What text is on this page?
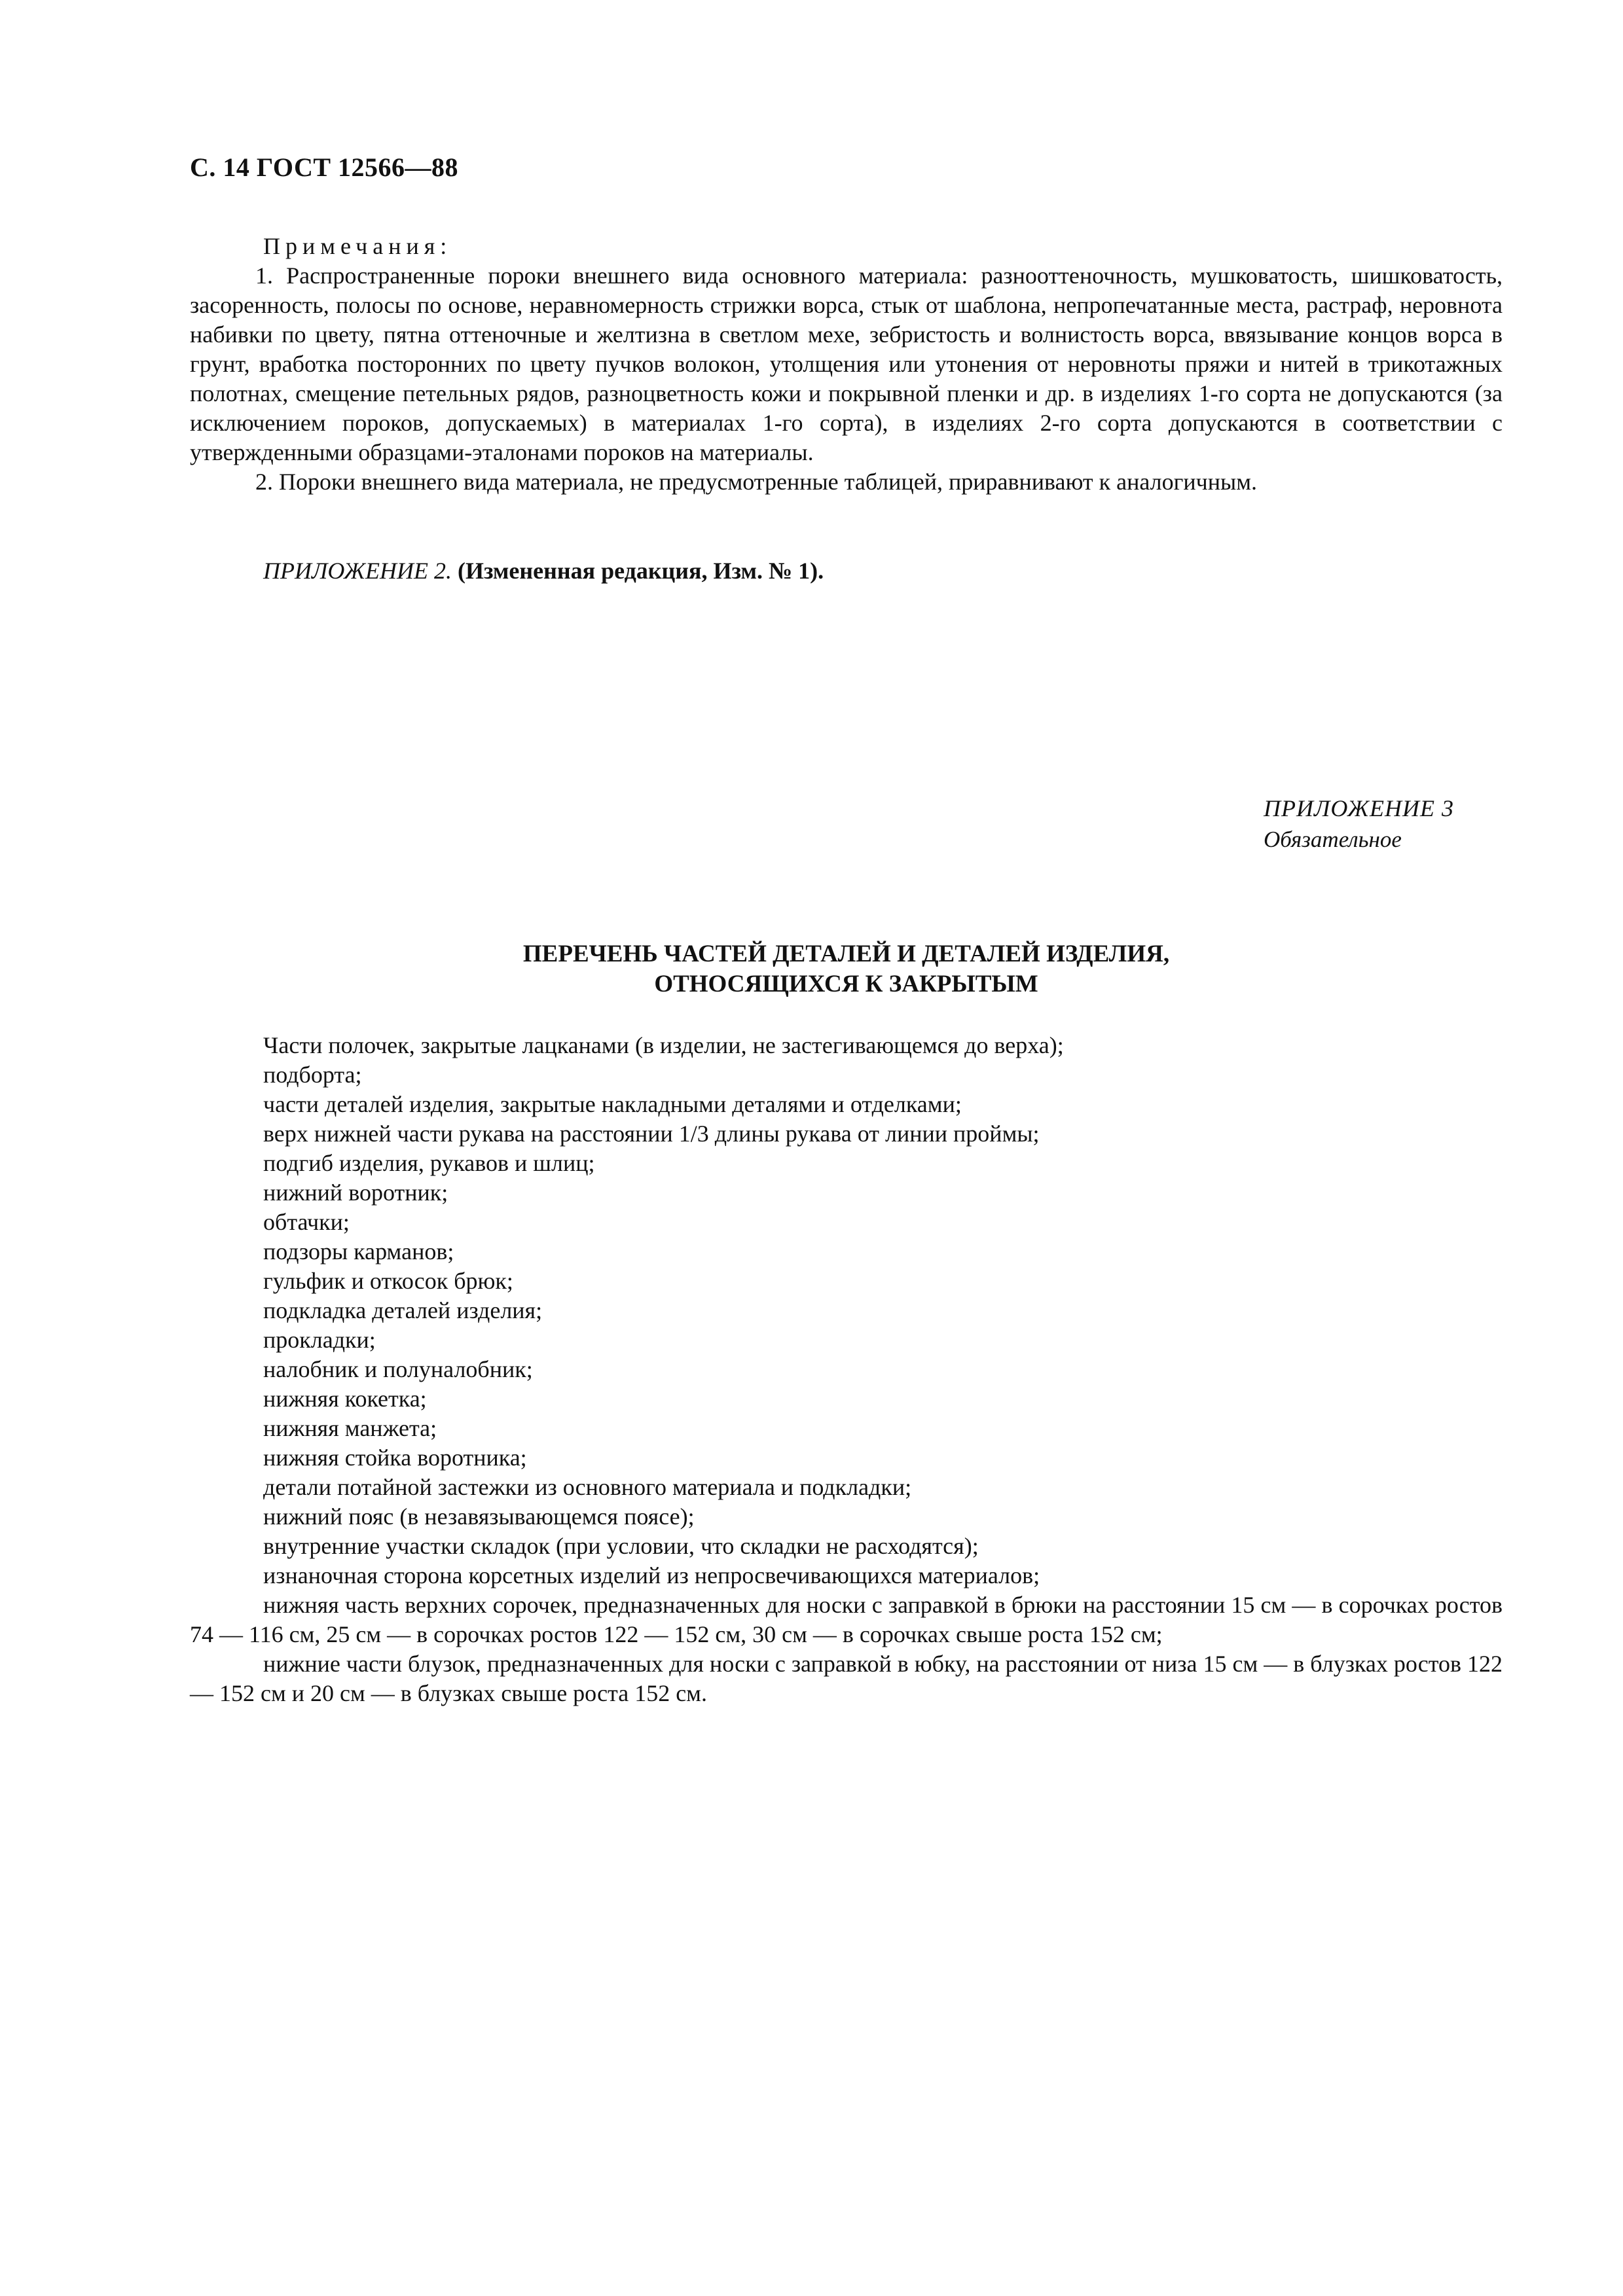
С. 14 ГОСТ 12566—88

Примечания:

1. Распространенные пороки внешнего вида основного материала: разнооттеночность, мушковатость, шишковатость, засоренность, полосы по основе, неравномерность стрижки ворса, стык от шаблона, непропечатанные места, растраф, неровнота набивки по цвету, пятна оттеночные и желтизна в светлом мехе, зебристость и волнистость ворса, ввязывание концов ворса в грунт, вработка посторонних по цвету пучков волокон, утолщения или утонения от неровноты пряжи и нитей в трикотажных полотнах, смещение петельных рядов, разноцветность кожи и покрывной пленки и др. в изделиях 1-го сорта не допускаются (за исключением пороков, допускаемых) в материалах 1-го сорта), в изделиях 2-го сорта допускаются в соответствии с утвержденными образцами-эталонами пороков на материалы.

2. Пороки внешнего вида материала, не предусмотренные таблицей, приравнивают к аналогичным.

ПРИЛОЖЕНИЕ 2. (Измененная редакция, Изм. № 1).
ПРИЛОЖЕНИЕ 3
Обязательное
ПЕРЕЧЕНЬ ЧАСТЕЙ ДЕТАЛЕЙ И ДЕТАЛЕЙ ИЗДЕЛИЯ,
ОТНОСЯЩИХСЯ К ЗАКРЫТЫМ

Части полочек, закрытые лацканами (в изделии, не застегивающемся до верха);

подборта;

части деталей изделия, закрытые накладными деталями и отделками;

верх нижней части рукава на расстоянии 1/3 длины рукава от линии проймы;

подгиб изделия, рукавов и шлиц;

нижний воротник;

обтачки;

подзоры карманов;

гульфик и откосок брюк;

подкладка деталей изделия;

прокладки;

налобник и полуналобник;

нижняя кокетка;

нижняя манжета;

нижняя стойка воротника;

детали потайной застежки из основного материала и подкладки;

нижний пояс (в незавязывающемся поясе);

внутренние участки складок (при условии, что складки не расходятся);

изнаночная сторона корсетных изделий из непросвечивающихся материалов;

нижняя часть верхних сорочек, предназначенных для носки с заправкой в брюки на расстоянии 15 см — в сорочках ростов 74 — 116 см, 25 см — в сорочках ростов 122 — 152 см, 30 см — в сорочках свыше роста 152 см;

нижние части блузок, предназначенных для носки с заправкой в юбку, на расстоянии от низа 15 см — в блузках ростов 122 — 152 см и 20 см — в блузках свыше роста 152 см.
